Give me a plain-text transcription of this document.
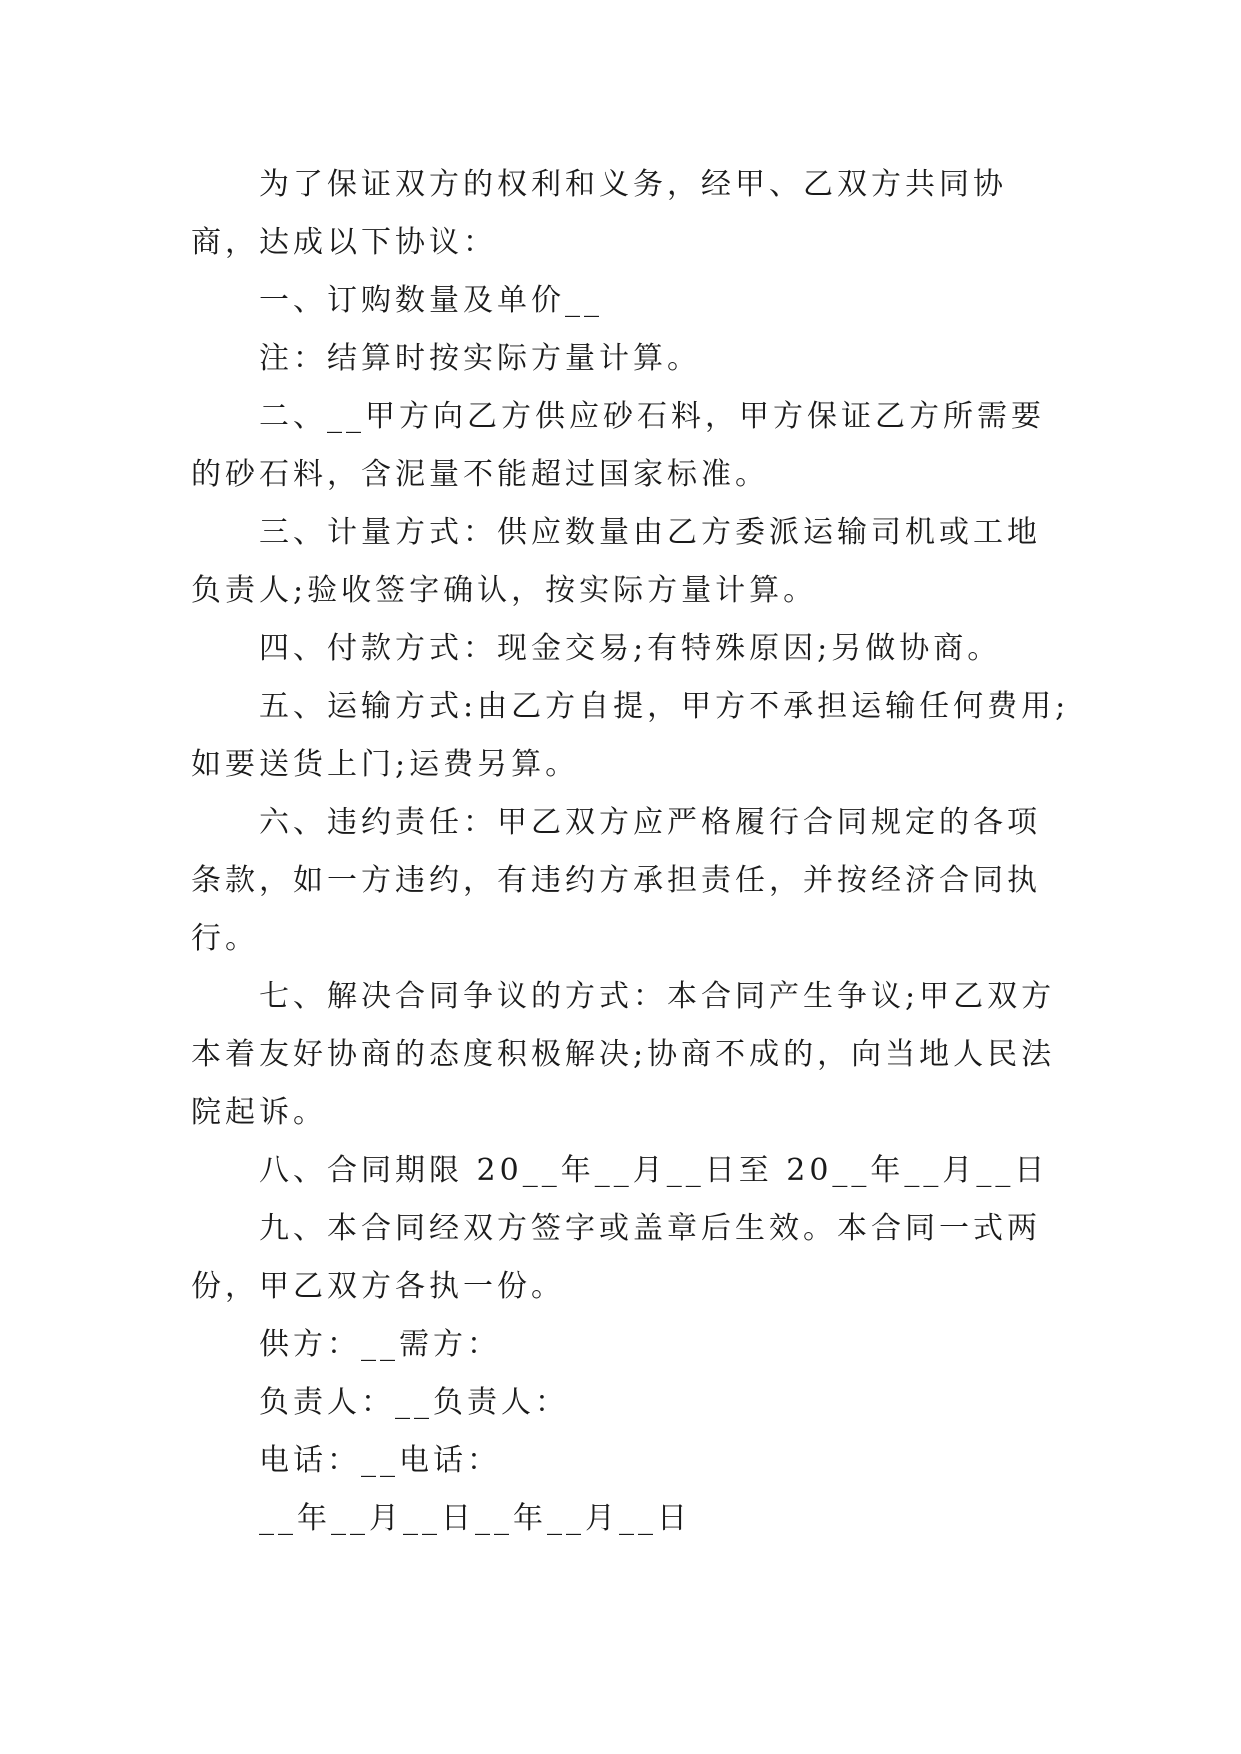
为了保证双方的权利和义务，经甲、乙双方共同协商，达成以下协议：

一、订购数量及单价__

注：结算时按实际方量计算。

二、__甲方向乙方供应砂石料，甲方保证乙方所需要的砂石料，含泥量不能超过国家标准。

三、计量方式：供应数量由乙方委派运输司机或工地负责人;验收签字确认，按实际方量计算。

四、付款方式：现金交易;有特殊原因;另做协商。

五、运输方式:由乙方自提，甲方不承担运输任何费用;如要送货上门;运费另算。

六、违约责任：甲乙双方应严格履行合同规定的各项条款，如一方违约，有违约方承担责任，并按经济合同执行。

七、解决合同争议的方式：本合同产生争议;甲乙双方本着友好协商的态度积极解决;协商不成的，向当地人民法院起诉。

八、合同期限 20__年__月__日至 20__年__月__日

九、本合同经双方签字或盖章后生效。本合同一式两份，甲乙双方各执一份。

供方：__需方：

负责人：__负责人：

电话：__电话：

__年__月__日__年__月__日
